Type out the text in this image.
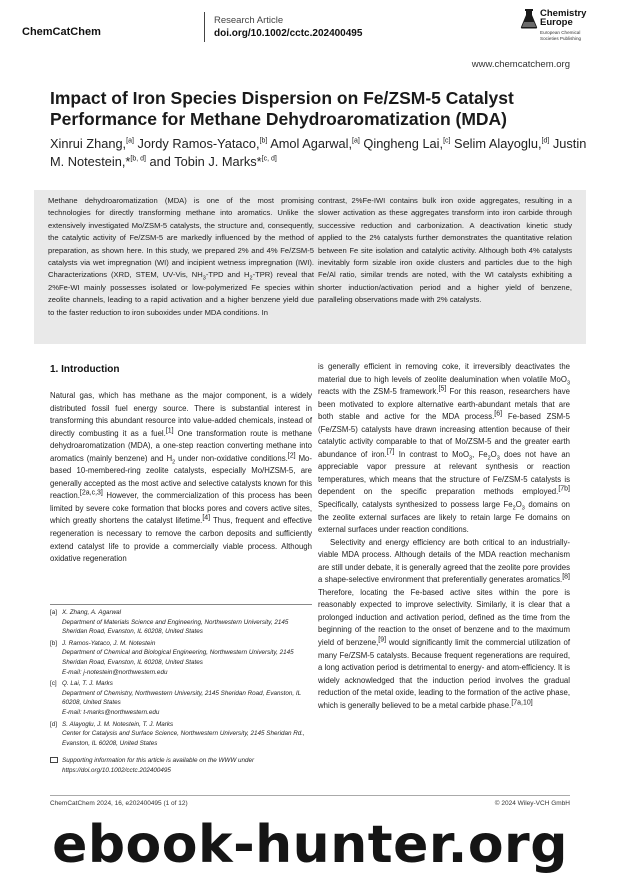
ChemCatChem
Research Article
doi.org/10.1002/cctc.202400495
Chemistry
Europe
European Chemical
Societies Publishing
www.chemcatchem.org
Impact of Iron Species Dispersion on Fe/ZSM-5 Catalyst Performance for Methane Dehydroaromatization (MDA)
Xinrui Zhang,[a] Jordy Ramos-Yataco,[b] Amol Agarwal,[a] Qingheng Lai,[c] Selim Alayoglu,[d] Justin M. Notestein,*[b, d] and Tobin J. Marks*[c, d]
Methane dehydroaromatization (MDA) is one of the most promising technologies for directly transforming methane into aromatics. Unlike the extensively investigated Mo/ZSM-5 catalysts, the structure and, consequently, the catalytic activity of Fe/ZSM-5 are markedly influenced by the method of preparation, as shown here. In this study, we prepared 2% and 4% Fe/ZSM-5 catalysts via wet impregnation (WI) and incipient wetness impregnation (IWI). Characterizations (XRD, STEM, UV-Vis, $NH_3$-TPD and $H_2-TPR$) reveal that 2%Fe-WI mainly possesses isolated or low-polymerized Fe species within zeolite channels, leading to a rapid activation and a higher benzene yield due to the faster reduction to iron suboxides under MDA conditions. In
contrast, 2%Fe-IWI contains bulk iron oxide aggregates, resulting in a slower activation as these aggregates transform into iron carbide through successive reduction and carbonization. A deactivation kinetic study applied to the 2% catalysts further demonstrates the quantitative relation between Fe site isolation and catalytic activity. Although both 4% catalysts inevitably form sizable iron oxide clusters and particles due to the high Fe/Al ratio, similar trends are noted, with the WI catalysts exhibiting a shorter induction/activation period and a higher yield of benzene, paralleling observations made with 2% catalysts.
1. Introduction
Natural gas, which has methane as the major component, is a widely distributed fossil fuel energy source. There is substantial interest in transforming this abundant resource into value-added chemicals, instead of directly combusting it as a fuel.[1] One transformation route is methane dehydroaromatization (MDA), a one-step reaction converting methane into aromatics (mainly benzene) and $H_2$ under non-oxidative conditions.[2] Mo-based 10-membered-ring zeolite catalysts, especially Mo/HZSM-5, are generally accepted as the most active and selective catalysts known for this reaction.[2a,c,3] However, the commercialization of this process has been limited by severe coke formation that blocks pores and covers active sites, which greatly shortens the catalyst lifetime.[4] Thus, frequent and effective regeneration is necessary to remove the carbon deposits and sufficiently extend catalyst life to provide a commercially viable process. Although oxidative regeneration
is generally efficient in removing coke, it irreversibly deactivates the material due to high levels of zeolite dealumination when volatile MoO$_3$ reacts with the ZSM-5 framework.[5] For this reason, researchers have been motivated to explore alternative earth-abundant metals that are both stable and active for the MDA process.[6] Fe-based ZSM-5 (Fe/ZSM-5) catalysts have drawn increasing attention because of their catalytic activity comparable to that of Mo/ZSM-5 and the greater earth abundance of iron.[7] In contrast to MoO$_3$, $Fe_2O_3$ does not have an appreciable vapor pressure at relevant synthesis or reaction temperatures, which means that the structure of Fe/ZSM-5 catalysts is dependent on the specific preparation methods employed.[7b] Specifically, catalysts synthesized to possess large $Fe_2O_3$ domains on the zeolite external surfaces are likely to retain large Fe domains on external surfaces under reaction conditions.
Selectivity and energy efficiency are both critical to an industrially-viable MDA process. Although details of the MDA reaction mechanism are still under debate, it is generally agreed that the zeolite pore provides a shape-selective environment that preferentially generates aromatics.[8] Therefore, locating the Fe-based active sites within the pore is reasonably expected to improve selectivity. Similarly, it is clear that a prolonged induction and activation period, defined as the time from the beginning of the reaction to the onset of benzene and to the maximum yield of benzene,[9] would significantly limit the commercial utilization of many Fe/ZSM-5 catalysts. Because frequent regenerations are required, a long activation period is detrimental to energy- and atom-efficiency. It is widely acknowledged that the induction period involves the gradual reduction of the metal oxide, leading to the formation of the active phase, which is generally believed to be a metal carbide phase.[7a,10]
[a] X. Zhang, A. Agarwal
Department of Materials Science and Engineering, Northwestern University, 2145 Sheridan Road, Evanston, IL 60208, United States
[b] J. Ramos-Yataco, J. M. Notestein
Department of Chemical and Biological Engineering, Northwestern University, 2145 Sheridan Road, Evanston, IL 60208, United States
E-mail: j-notestein@northwestern.edu
[c] Q. Lai, T. J. Marks
Department of Chemistry, Northwestern University, 2145 Sheridan Road, Evanston, IL 60208, United States
E-mail: t-marks@northwestern.edu
[d] S. Alayoglu, J. M. Notestein, T. J. Marks
Center for Catalysis and Surface Science, Northwestern University, 2145 Sheridan Rd., Evanston, IL 60208, United States
Supporting information for this article is available on the WWW under https://doi.org/10.1002/cctc.202400495
ChemCatChem 2024, 16, e202400495 (1 of 12)	© 2024 Wiley-VCH GmbH
ebook-hunter.org
